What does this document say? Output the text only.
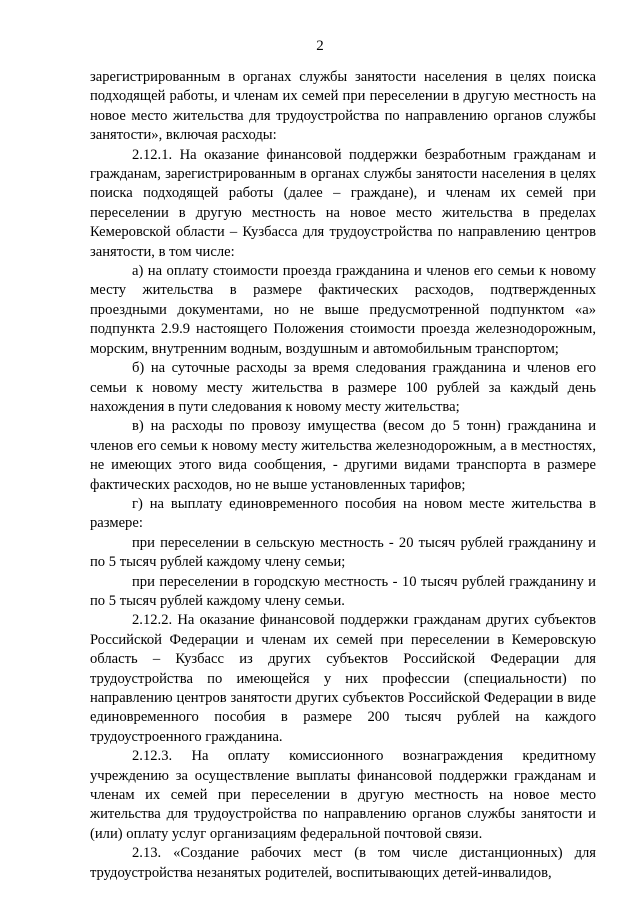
2

зарегистрированным в органах службы занятости населения в целях поиска подходящей работы, и членам их семей при переселении в другую местность на новое место жительства для трудоустройства по направлению органов службы занятости», включая расходы:

2.12.1. На оказание финансовой поддержки безработным гражданам и гражданам, зарегистрированным в органах службы занятости населения в целях поиска подходящей работы (далее – граждане), и членам их семей при переселении в другую местность на новое место жительства в пределах Кемеровской области – Кузбасса для трудоустройства по направлению центров занятости, в том числе:

а) на оплату стоимости проезда гражданина и членов его семьи к новому месту жительства в размере фактических расходов, подтвержденных проездными документами, но не выше предусмотренной подпунктом «а» подпункта 2.9.9 настоящего Положения стоимости проезда железнодорожным, морским, внутренним водным, воздушным и автомобильным транспортом;

б) на суточные расходы за время следования гражданина и членов его семьи к новому месту жительства в размере 100 рублей за каждый день нахождения в пути следования к новому месту жительства;

в) на расходы по провозу имущества (весом до 5 тонн) гражданина и членов его семьи к новому месту жительства железнодорожным, а в местностях, не имеющих этого вида сообщения, - другими видами транспорта в размере фактических расходов, но не выше установленных тарифов;

г) на выплату единовременного пособия на новом месте жительства в размере:

при переселении в сельскую местность - 20 тысяч рублей гражданину и по 5 тысяч рублей каждому члену семьи;

при переселении в городскую местность - 10 тысяч рублей гражданину и по 5 тысяч рублей каждому члену семьи.

2.12.2. На оказание финансовой поддержки гражданам других субъектов Российской Федерации и членам их семей при переселении в Кемеровскую область – Кузбасс из других субъектов Российской Федерации для трудоустройства по имеющейся у них профессии (специальности) по направлению центров занятости других субъектов Российской Федерации в виде единовременного пособия в размере 200 тысяч рублей на каждого трудоустроенного гражданина.

2.12.3. На оплату комиссионного вознаграждения кредитному учреждению за осуществление выплаты финансовой поддержки гражданам и членам их семей при переселении в другую местность на новое место жительства для трудоустройства по направлению органов службы занятости и (или) оплату услуг организациям федеральной почтовой связи.

2.13. «Создание рабочих мест (в том числе дистанционных) для трудоустройства незанятых родителей, воспитывающих детей-инвалидов,
